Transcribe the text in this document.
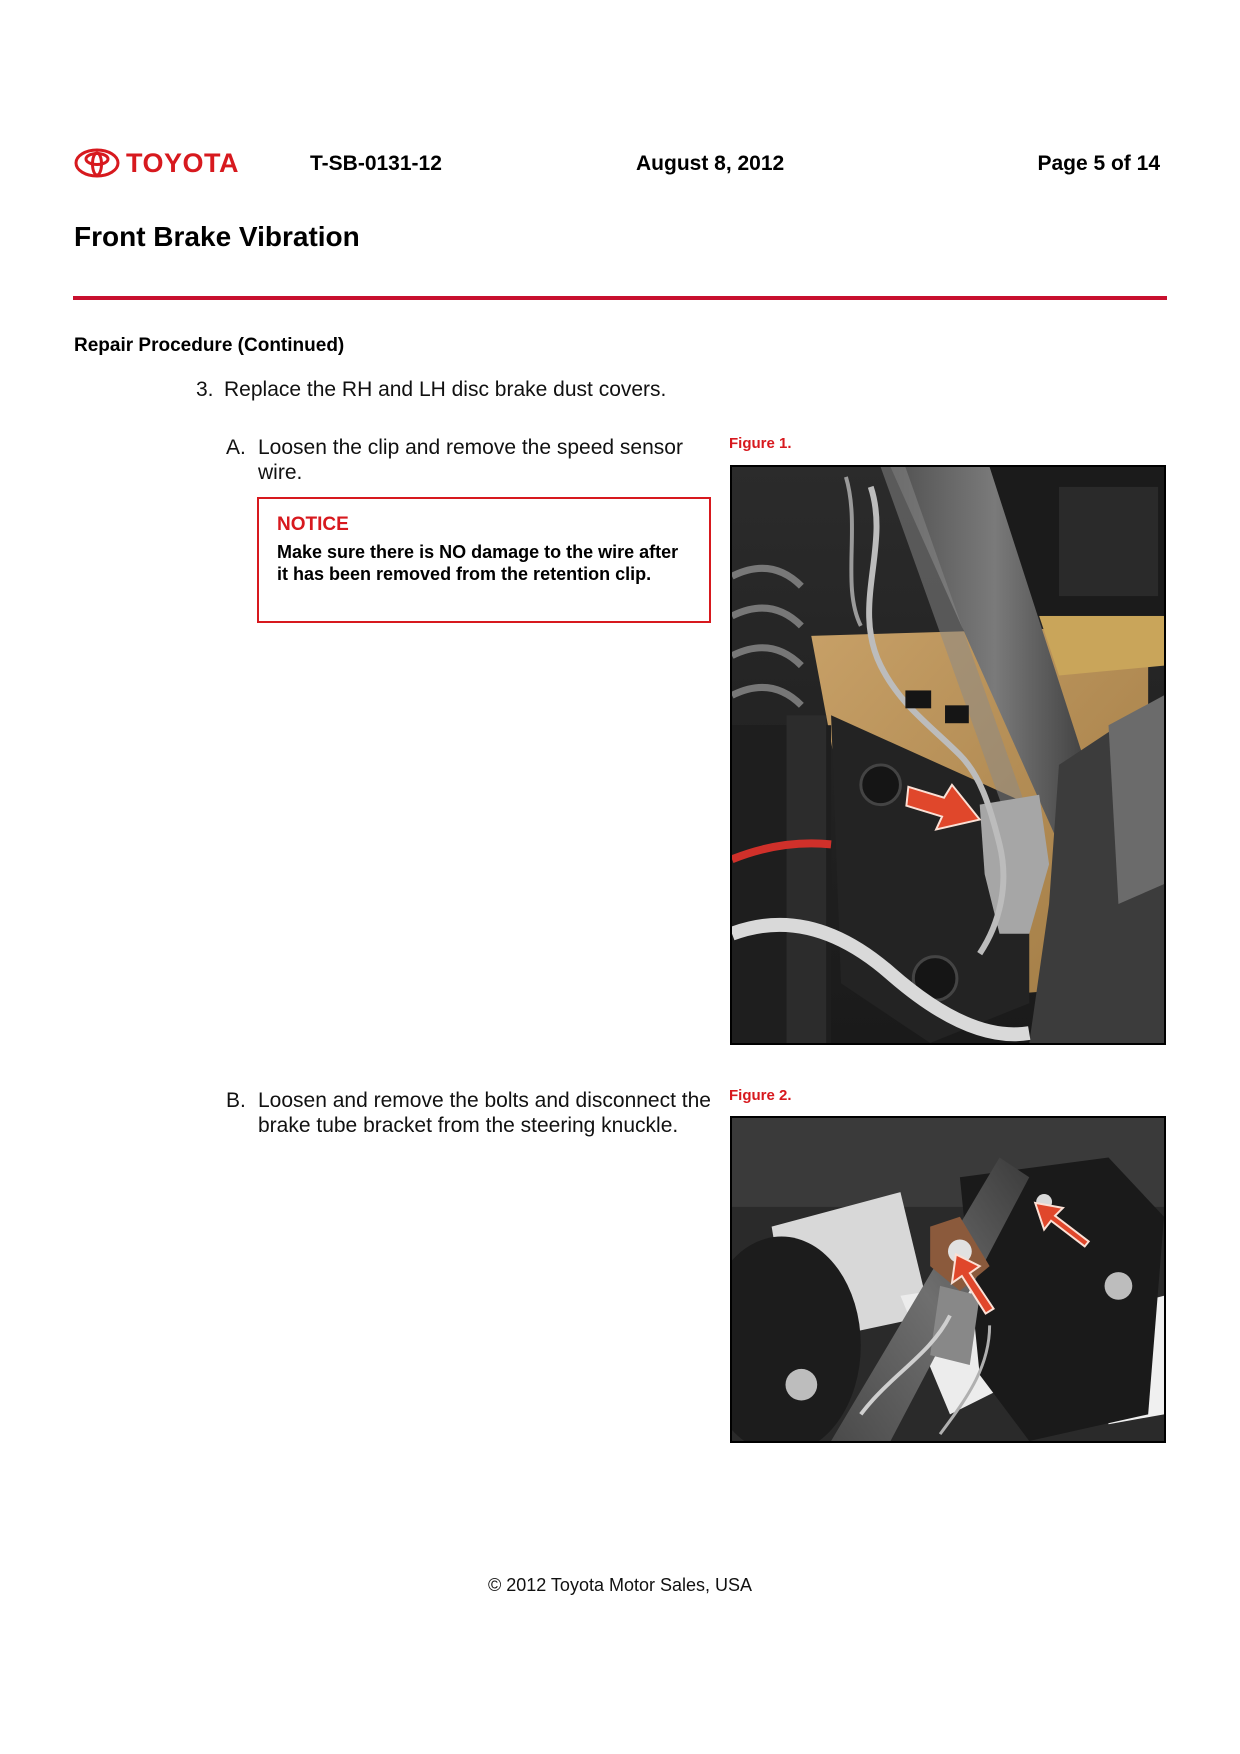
TOYOTA	T-SB-0131-12	August 8, 2012	Page 5 of 14
Front Brake Vibration
Repair Procedure (Continued)
3. Replace the RH and LH disc brake dust covers.
A. Loosen the clip and remove the speed sensor wire.
NOTICE
Make sure there is NO damage to the wire after it has been removed from the retention clip.
Figure 1.
B. Loosen and remove the bolts and disconnect the brake tube bracket from the steering knuckle.
Figure 2.
© 2012 Toyota Motor Sales, USA
